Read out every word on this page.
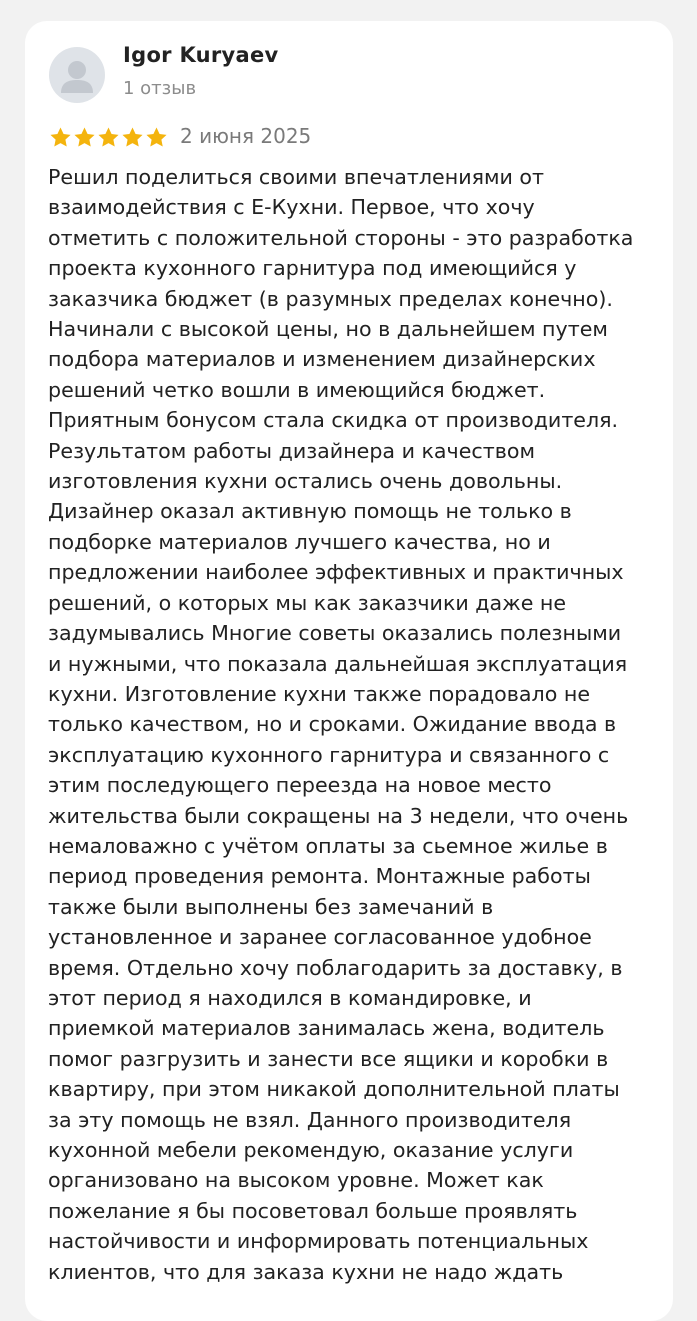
Igor Kuryaev
1 отзыв
2 июня 2025
Решил поделиться своими впечатлениями от
взаимодействия с Е-Кухни. Первое, что хочу
отметить с положительной стороны - это разработка
проекта кухонного гарнитура под имеющийся у
заказчика бюджет (в разумных пределах конечно).
Начинали с высокой цены, но в дальнейшем путем
подбора материалов и изменением дизайнерских
решений четко вошли в имеющийся бюджет.
Приятным бонусом стала скидка от производителя.
Результатом работы дизайнера и качеством
изготовления кухни остались очень довольны.
Дизайнер оказал активную помощь не только в
подборке материалов лучшего качества, но и
предложении наиболее эффективных и практичных
решений, о которых мы как заказчики даже не
задумывались Многие советы оказались полезными
и нужными, что показала дальнейшая эксплуатация
кухни. Изготовление кухни также порадовало не
только качеством, но и сроками. Ожидание ввода в
эксплуатацию кухонного гарнитура и связанного с
этим последующего переезда на новое место
жительства были сокращены на 3 недели, что очень
немаловажно с учётом оплаты за сьемное жилье в
период проведения ремонта. Монтажные работы
также были выполнены без замечаний в
установленное и заранее согласованное удобное
время. Отдельно хочу поблагодарить за доставку, в
этот период я находился в командировке, и
приемкой материалов занималась жена, водитель
помог разгрузить и занести все ящики и коробки в
квартиру, при этом никакой дополнительной платы
за эту помощь не взял. Данного производителя
кухонной мебели рекомендую, оказание услуги
организовано на высоком уровне. Может как
пожелание я бы посоветовал больше проявлять
настойчивости и информировать потенциальных
клиентов, что для заказа кухни не надо ждать
